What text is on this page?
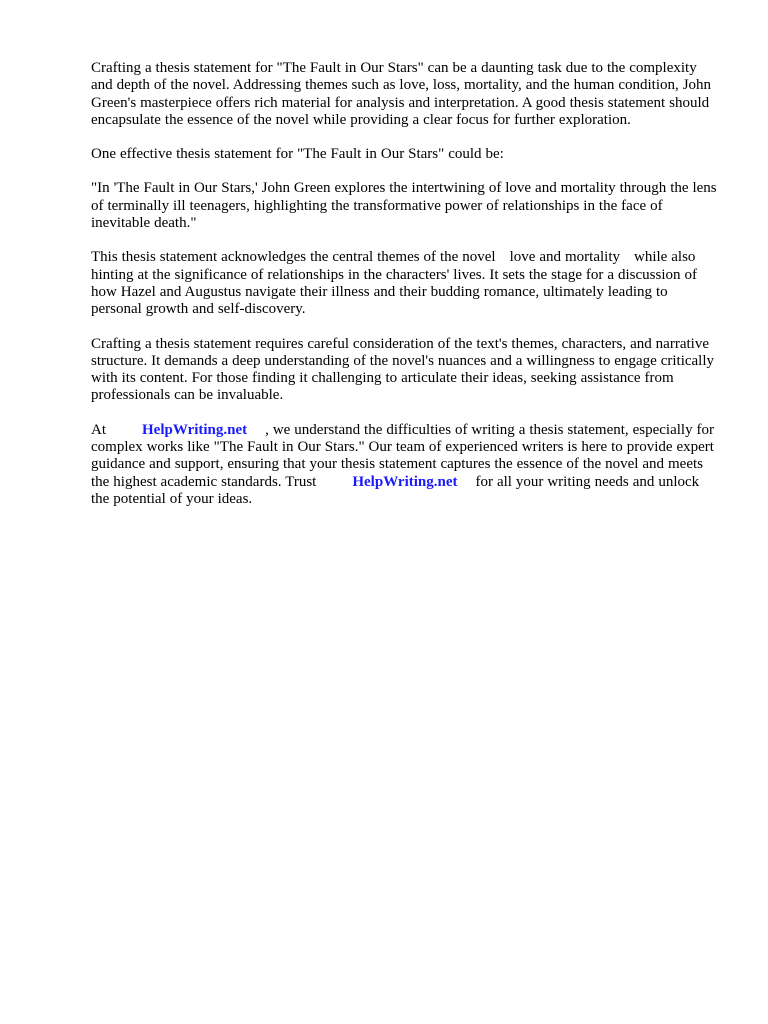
Crafting a thesis statement for "The Fault in Our Stars" can be a daunting task due to the complexity and depth of the novel. Addressing themes such as love, loss, mortality, and the human condition, John Green's masterpiece offers rich material for analysis and interpretation. A good thesis statement should encapsulate the essence of the novel while providing a clear focus for further exploration.

One effective thesis statement for "The Fault in Our Stars" could be:

"In 'The Fault in Our Stars,' John Green explores the intertwining of love and mortality through the lens of terminally ill teenagers, highlighting the transformative power of relationships in the face of inevitable death."

This thesis statement acknowledges the central themes of the novel love and mortality while also hinting at the significance of relationships in the characters' lives. It sets the stage for a discussion of how Hazel and Augustus navigate their illness and their budding romance, ultimately leading to personal growth and self-discovery.

Crafting a thesis statement requires careful consideration of the text's themes, characters, and narrative structure. It demands a deep understanding of the novel's nuances and a willingness to engage critically with its content. For those finding it challenging to articulate their ideas, seeking assistance from professionals can be invaluable.

At HelpWriting.net , we understand the difficulties of writing a thesis statement, especially for complex works like "The Fault in Our Stars." Our team of experienced writers is here to provide expert guidance and support, ensuring that your thesis statement captures the essence of the novel and meets the highest academic standards. Trust HelpWriting.net for all your writing needs and unlock the potential of your ideas.
